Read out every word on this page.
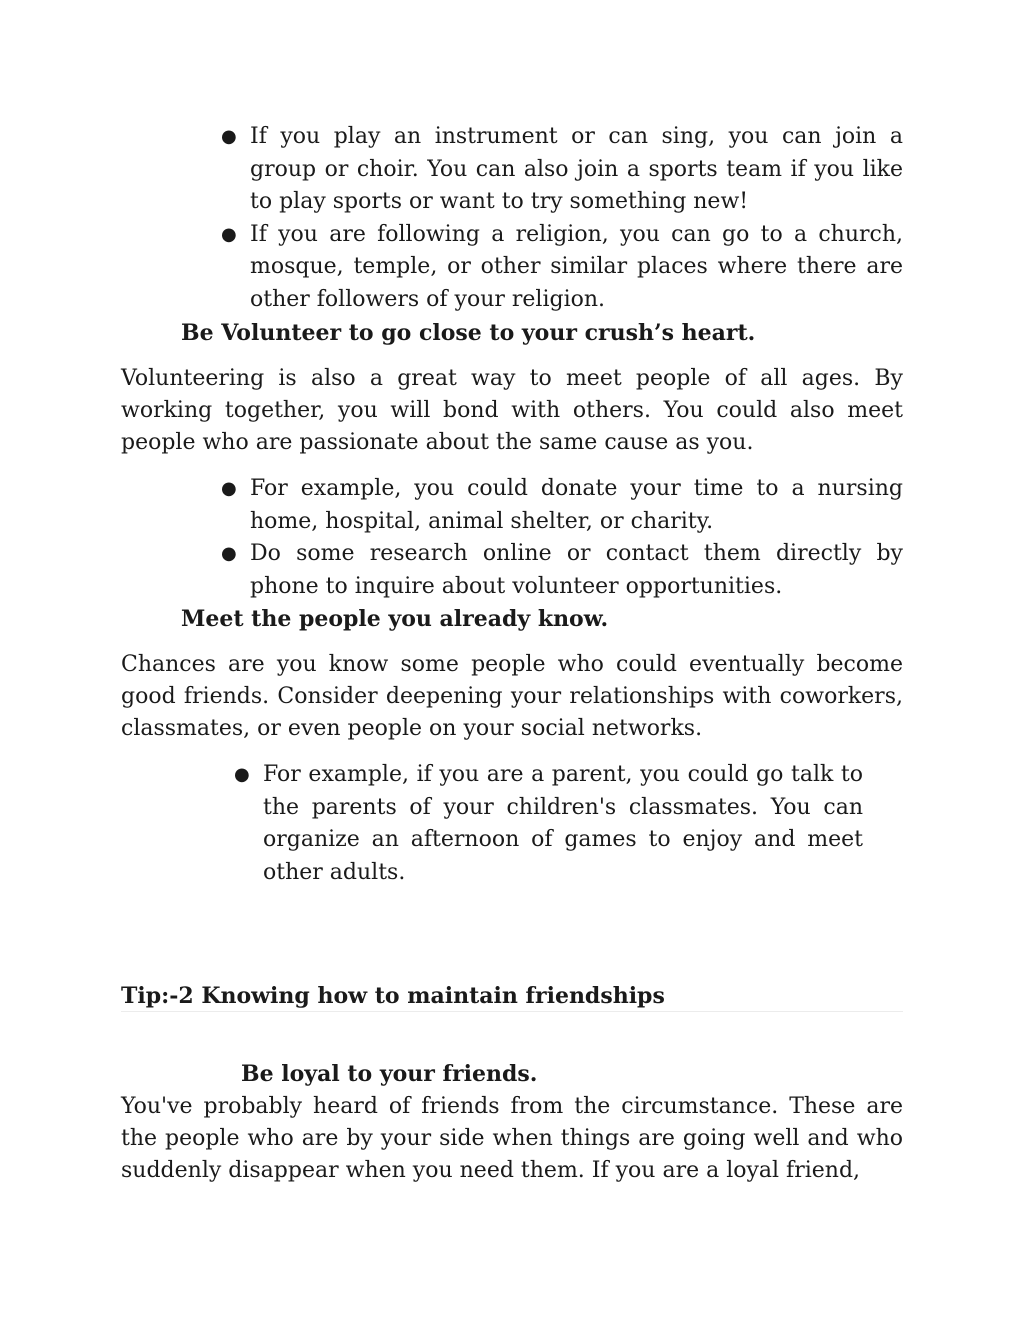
● If you play an instrument or can sing, you can join a group or choir. You can also join a sports team if you like to play sports or want to try something new!
● If you are following a religion, you can go to a church, mosque, temple, or other similar places where there are other followers of your religion.
Be Volunteer to go close to your crush’s heart.

Volunteering is also a great way to meet people of all ages. By working together, you will bond with others. You could also meet people who are passionate about the same cause as you.

● For example, you could donate your time to a nursing home, hospital, animal shelter, or charity.
● Do some research online or contact them directly by phone to inquire about volunteer opportunities.
Meet the people you already know.

Chances are you know some people who could eventually become good friends. Consider deepening your relationships with coworkers, classmates, or even people on your social networks.

● For example, if you are a parent, you could go talk to the parents of your children's classmates. You can organize an afternoon of games to enjoy and meet other adults.
Tip:-2 Knowing how to maintain friendships
Be loyal to your friends.

You've probably heard of friends from the circumstance. These are the people who are by your side when things are going well and who suddenly disappear when you need them. If you are a loyal friend,
